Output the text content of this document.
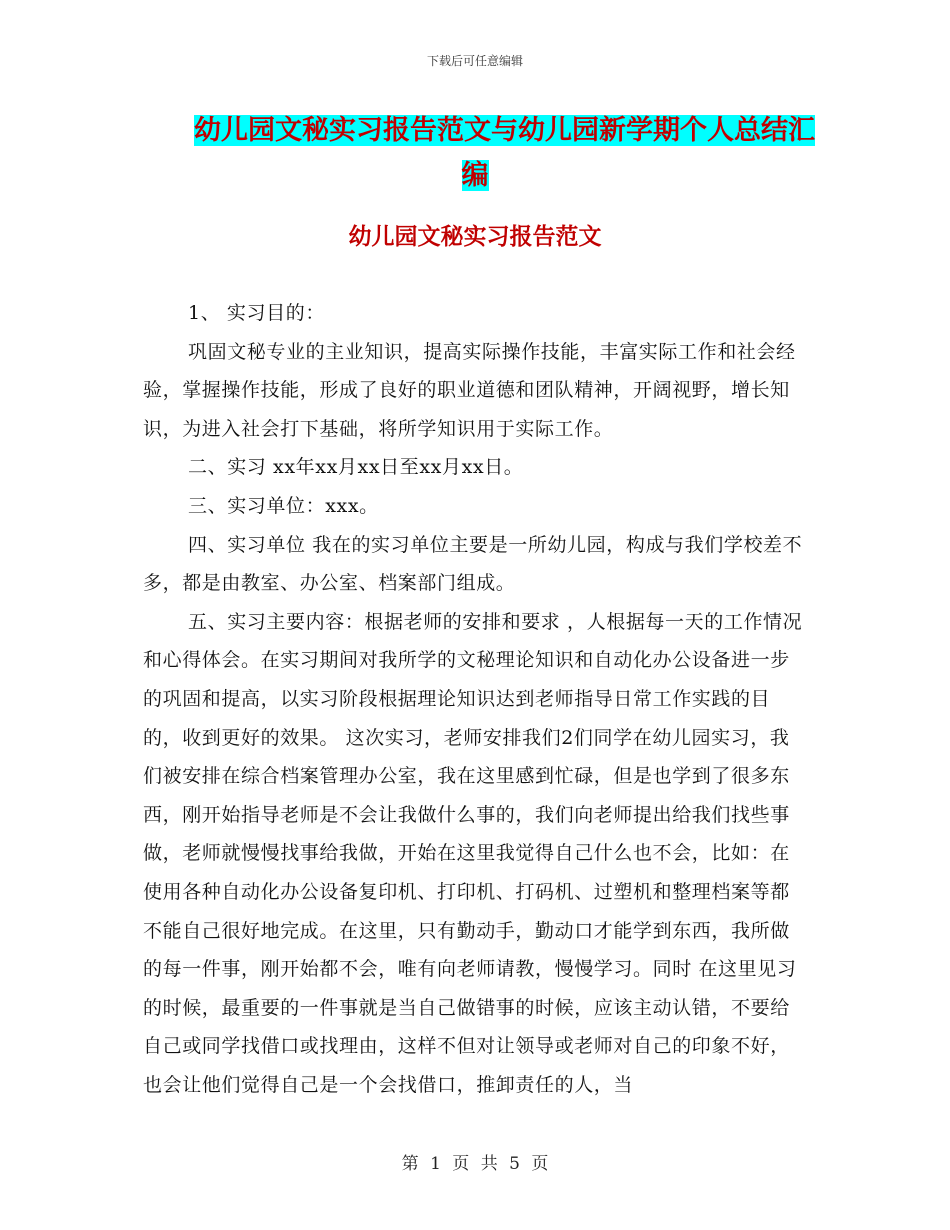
下载后可任意编辑
幼儿园文秘实习报告范文与幼儿园新学期个人总结汇
编
幼儿园文秘实习报告范文

1、 实习目的：

巩固文秘专业的主业知识，提高实际操作技能，丰富实际工作和社会经验，掌握操作技能，形成了良好的职业道德和团队精神，开阔视野，增长知识，为进入社会打下基础，将所学知识用于实际工作。

二、实习 xx年xx月xx日至xx月xx日。

三、实习单位：xxx。

四、实习单位 我在的实习单位主要是一所幼儿园，构成与我们学校差不多，都是由教室、办公室、档案部门组成。

五、实习主要内容：根据老师的安排和要求 ，人根据每一天的工作情况和心得体会。在实习期间对我所学的文秘理论知识和自动化办公设备进一步的巩固和提高，以实习阶段根据理论知识达到老师指导日常工作实践的目的，收到更好的效果。 这次实习，老师安排我们2们同学在幼儿园实习，我们被安排在综合档案管理办公室，我在这里感到忙碌，但是也学到了很多东西，刚开始指导老师是不会让我做什么事的，我们向老师提出给我们找些事做，老师就慢慢找事给我做，开始在这里我觉得自己什么也不会，比如：在使用各种自动化办公设备复印机、打印机、打码机、过塑机和整理档案等都不能自己很好地完成。在这里，只有勤动手，勤动口才能学到东西，我所做的每一件事，刚开始都不会，唯有向老师请教，慢慢学习。同时 在这里见习的时候，最重要的一件事就是当自己做错事的时候，应该主动认错，不要给自己或同学找借口或找理由，这样不但对让领导或老师对自己的印象不好，也会让他们觉得自己是一个会找借口，推卸责任的人，当

第 1 页 共 5 页
